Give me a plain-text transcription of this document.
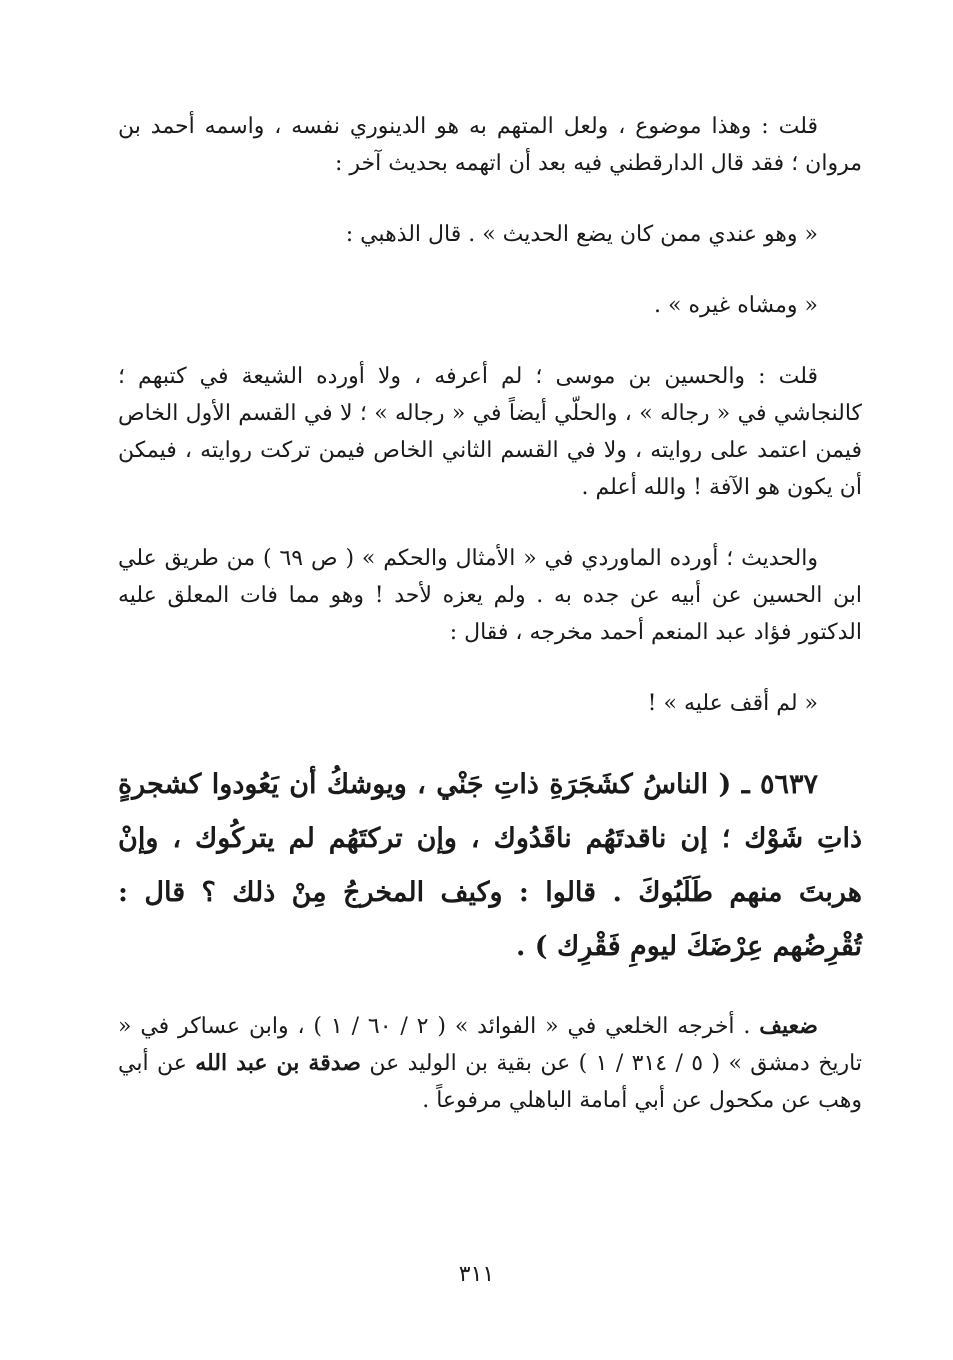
قلت : وهذا موضوع ، ولعل المتهم به هو الدينوري نفسه ، واسمه أحمد بن مروان ؛ فقد قال الدارقطني فيه بعد أن اتهمه بحديث آخر :

« وهو عندي ممن كان يضع الحديث » . قال الذهبي :

« ومشاه غيره » .

قلت : والحسين بن موسى ؛ لم أعرفه ، ولا أورده الشيعة في كتبهم ؛ كالنجاشي في « رجاله » ، والحلّي أيضاً في « رجاله » ؛ لا في القسم الأول الخاص فيمن اعتمد على روايته ، ولا في القسم الثاني الخاص فيمن تركت روايته ، فيمكن أن يكون هو الآفة ! والله أعلم .

والحديث ؛ أورده الماوردي في « الأمثال والحكم » ( ص ٦٩ ) من طريق علي ابن الحسين عن أبيه عن جده به . ولم يعزه لأحد ! وهو مما فات المعلق عليه الدكتور فؤاد عبد المنعم أحمد مخرجه ، فقال :

« لم أقف عليه » !

٥٦٣٧ ـ ( الناسُ كشَجَرَةِ ذاتِ جَنْي ، ويوشكُ أن يَعُودوا كشجرةٍ ذاتِ شَوْك ؛ إن ناقدتَهُم ناقَدُوك ، وإن تركتَهُم لم يتركُوك ، وإنْ هربتَ منهم طَلَبُوكَ . قالوا : وكيف المخرجُ مِنْ ذلك ؟ قال : تُقْرِضُهم عِرْضَكَ ليومِ فَقْرِك ) .

ضعيف . أخرجه الخلعي في « الفوائد » ( ٢ / ٦٠ / ١ ) ، وابن عساكر في « تاريخ دمشق » ( ٥ / ٣١٤ / ١ ) عن بقية بن الوليد عن صدقة بن عبد الله عن أبي وهب عن مكحول عن أبي أمامة الباهلي مرفوعاً .

٣١١
